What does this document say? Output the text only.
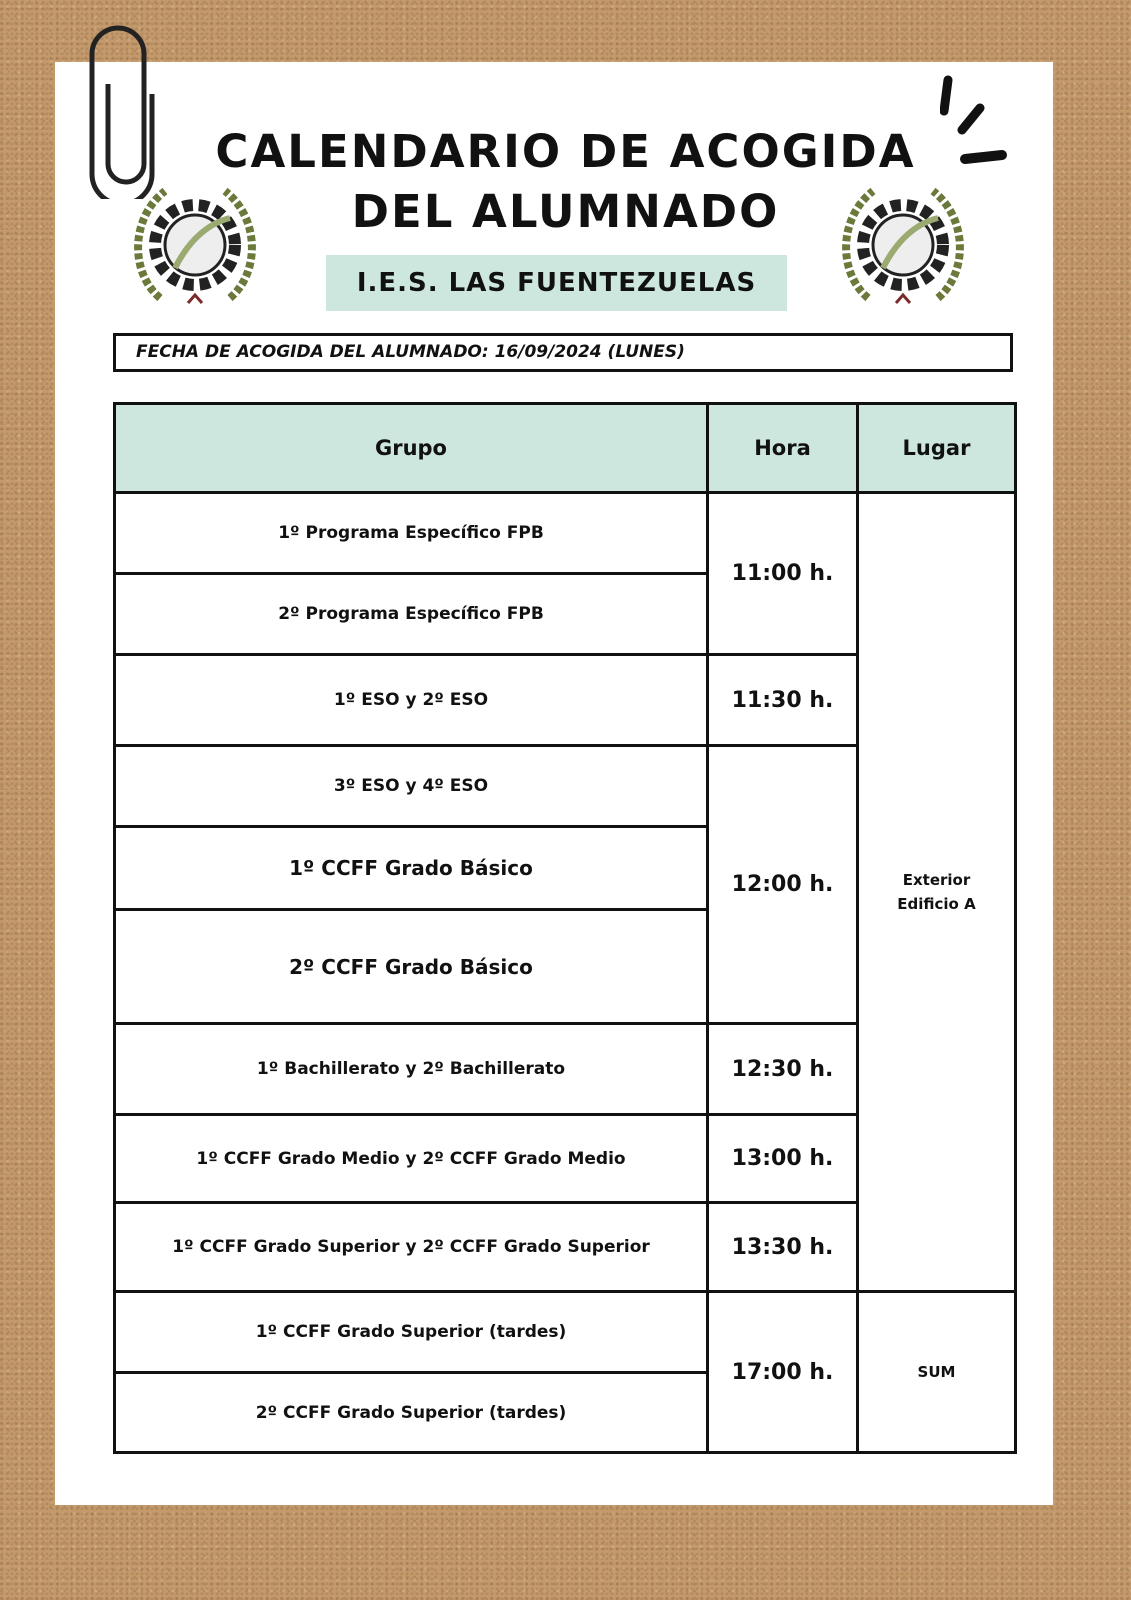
CALENDARIO DE ACOGIDA
DEL ALUMNADO
I.E.S. LAS FUENTEZUELAS
FECHA DE ACOGIDA DEL ALUMNADO: 16/09/2024 (LUNES)
Grupo	Hora	Lugar
1º Programa Específico FPB	11:00 h.	Exterior
Edificio A

2º Programa Específico FPB		
1º ESO y 2º ESO	11:30 h.	
3º ESO y 4º ESO	12:00 h.	
1º CCFF Grado Básico		
2º CCFF Grado Básico		
1º Bachillerato y 2º Bachillerato	12:30 h.	
1º CCFF Grado Medio y 2º CCFF Grado Medio	13:00 h.	
1º CCFF Grado Superior y 2º CCFF Grado Superior	13:30 h.	
1º CCFF Grado Superior (tardes)	17:00 h.	SUM

2º CCFF Grado Superior (tardes)		
